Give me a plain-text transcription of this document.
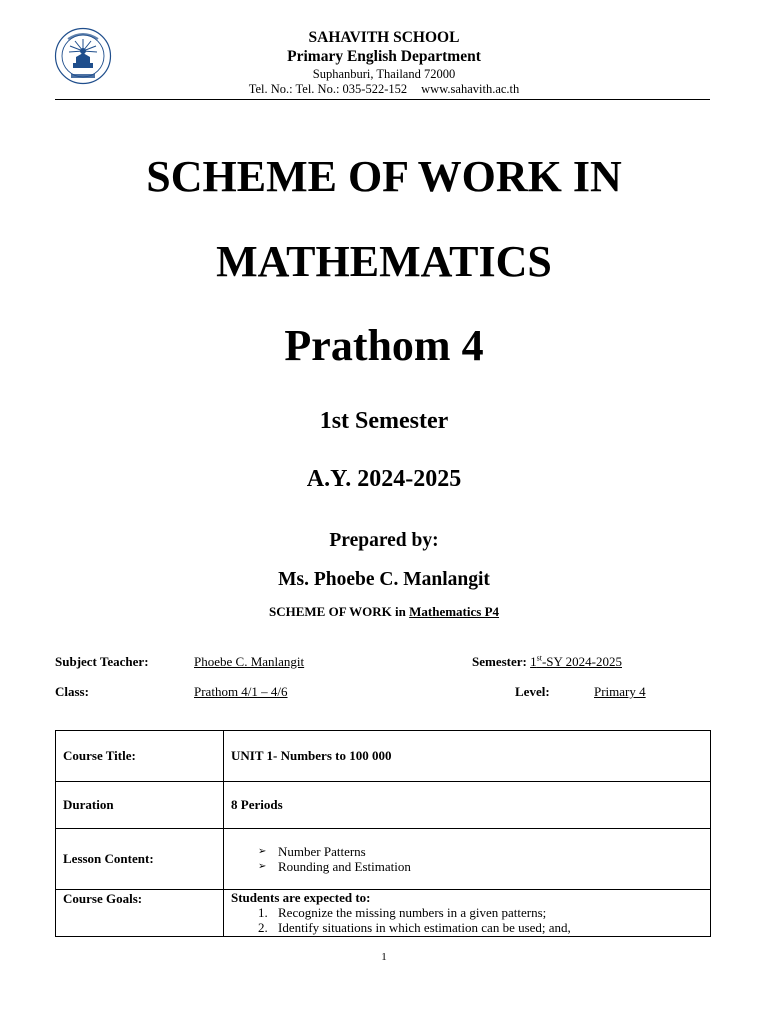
SAHAVITH SCHOOL
Primary English Department
Suphanburi, Thailand 72000
Tel. No.: Tel. No.: 035-522-152 www.sahavith.ac.th
SCHEME OF WORK IN
MATHEMATICS
Prathom 4
1st Semester
A.Y. 2024-2025
Prepared by:
Ms. Phoebe C. Manlangit
SCHEME OF WORK in Mathematics P4
Subject Teacher:	Phoebe C. Manlangit	Semester: 1st-SY 2024-2025
Class:	Prathom 4/1 – 4/6	Level:	Primary 4
Course Title:	UNIT 1- Numbers to 100 000
Duration	8 Periods
Lesson Content:	➢ Number Patterns
➢ Rounding and Estimation

Course Goals:	Students are expected to:
1. Recognize the missing numbers in a given patterns;
2. Identify situations in which estimation can be used; and,
1
